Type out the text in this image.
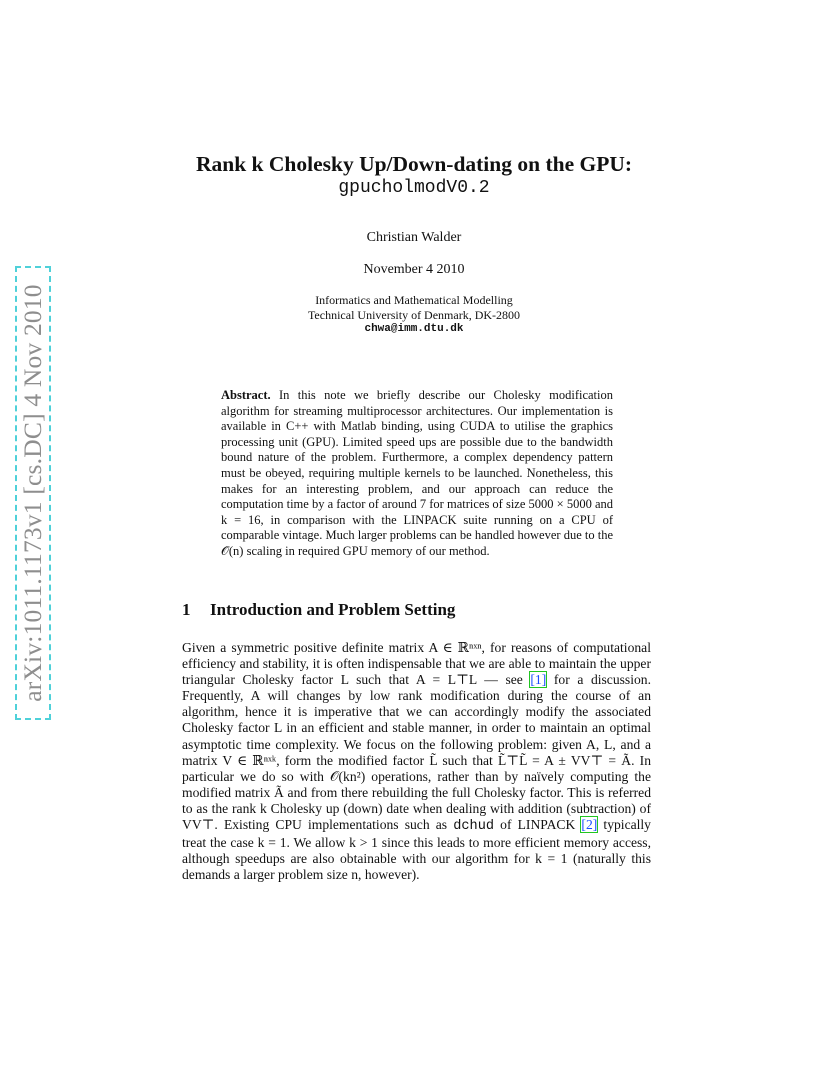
arXiv:1011.1173v1 [cs.DC] 4 Nov 2010
Rank k Cholesky Up/Down-dating on the GPU:
gpucholmodV0.2
Christian Walder
November 4 2010
Informatics and Mathematical Modelling
Technical University of Denmark, DK-2800
chwa@imm.dtu.dk
Abstract. In this note we briefly describe our Cholesky modification algorithm for streaming multiprocessor architectures. Our implementation is available in C++ with Matlab binding, using CUDA to utilise the graphics processing unit (GPU). Limited speed ups are possible due to the bandwidth bound nature of the problem. Furthermore, a complex dependency pattern must be obeyed, requiring multiple kernels to be launched. Nonetheless, this makes for an interesting problem, and our approach can reduce the computation time by a factor of around 7 for matrices of size 5000 × 5000 and k = 16, in comparison with the LINPACK suite running on a CPU of comparable vintage. Much larger problems can be handled however due to the 𝒪(n) scaling in required GPU memory of our method.
1 Introduction and Problem Setting
Given a symmetric positive definite matrix A ∈ ℝⁿˣⁿ, for reasons of computational efficiency and stability, it is often indispensable that we are able to maintain the upper triangular Cholesky factor L such that A = L⊤L — see [1] for a discussion. Frequently, A will changes by low rank modification during the course of an algorithm, hence it is imperative that we can accordingly modify the associated Cholesky factor L in an efficient and stable manner, in order to maintain an optimal asymptotic time complexity. We focus on the following problem: given A, L, and a matrix V ∈ ℝⁿˣᵏ, form the modified factor L̃ such that L̃⊤L̃ = A ± VV⊤ = Ã. In particular we do so with 𝒪(kn²) operations, rather than by naïvely computing the modified matrix Ã and from there rebuilding the full Cholesky factor. This is referred to as the rank k Cholesky up (down) date when dealing with addition (subtraction) of VV⊤. Existing CPU implementations such as dchud of LINPACK [2] typically treat the case k = 1. We allow k > 1 since this leads to more efficient memory access, although speedups are also obtainable with our algorithm for k = 1 (naturally this demands a larger problem size n, however).
